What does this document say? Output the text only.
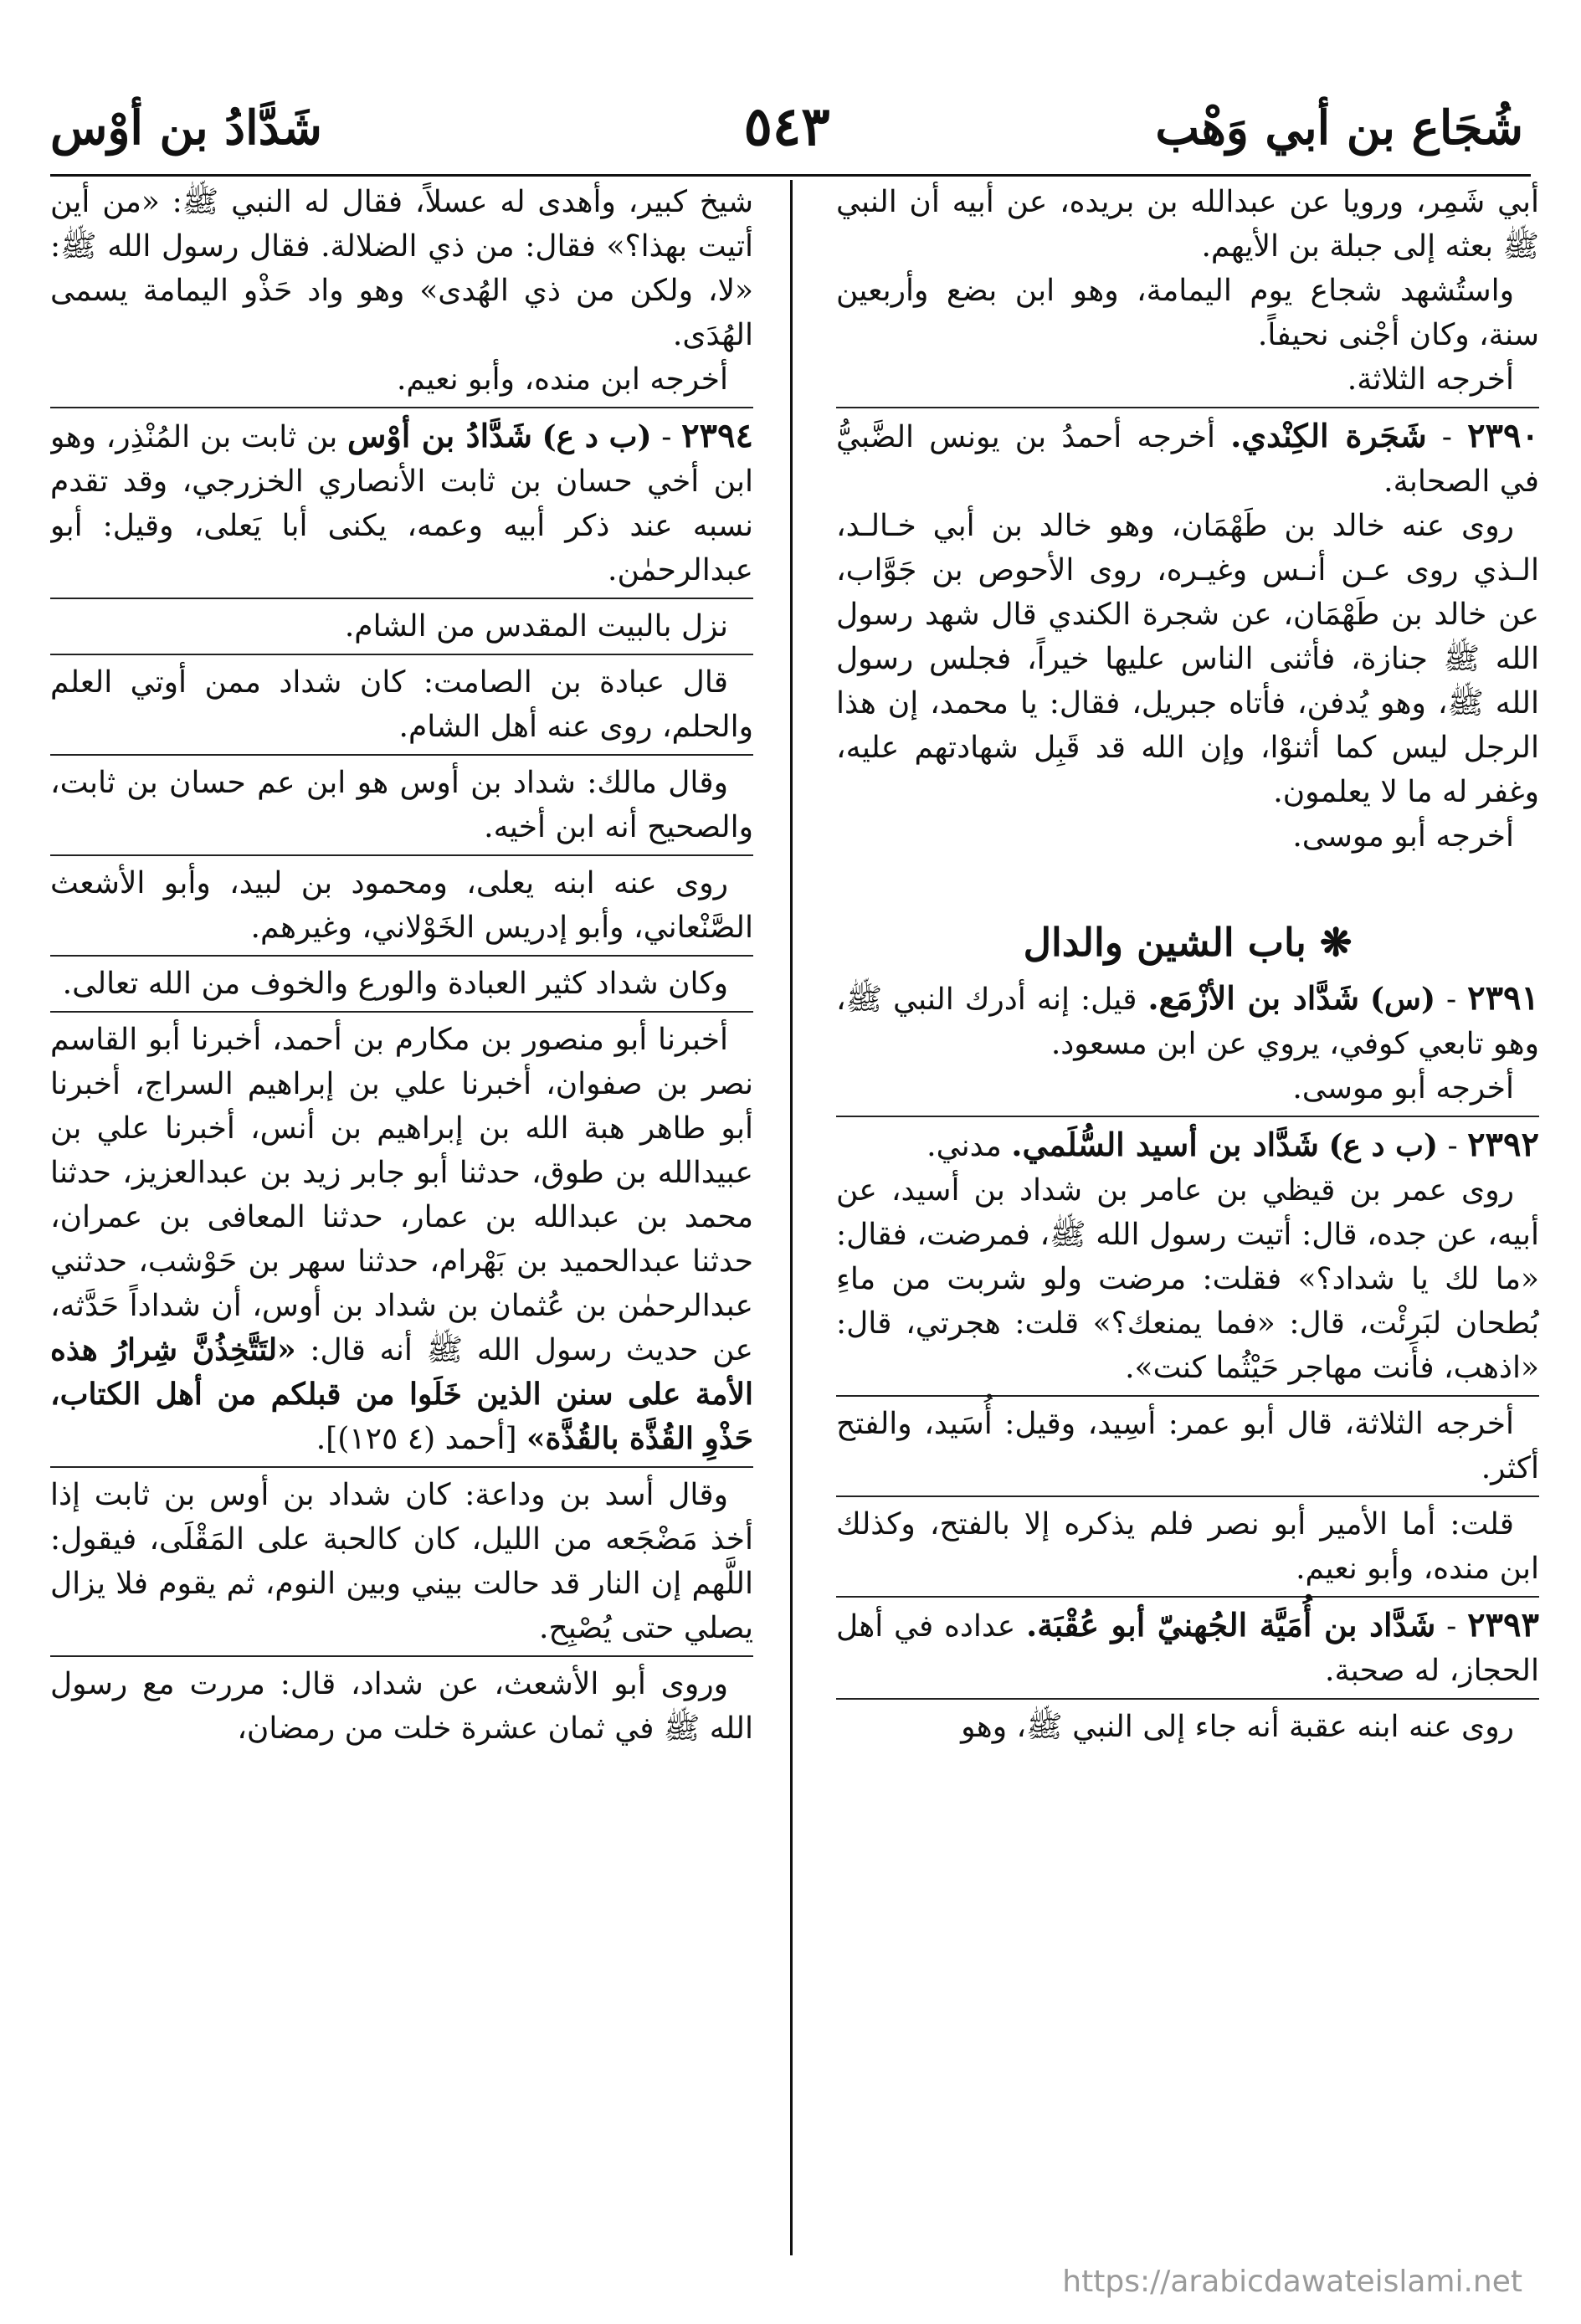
شُجَاع بن أبي وَهْب
٥٤٣
شَدَّادُ بن أوْس

أبي شَمِر، ورويا عن عبدالله بن بريده، عن أبيه أن النبي ﷺ بعثه إلى جبلة بن الأيهم.

واستُشهد شجاع يوم اليمامة، وهو ابن بضع وأربعين سنة، وكان أجْنى نحيفاً.

أخرجه الثلاثة.

٢٣٩٠ - شَجَرة الكِنْدي. أخرجه أحمدُ بن يونس الضَّبيُّ في الصحابة.

روى عنه خالد بن طَهْمَان، وهو خالد بن أبي خـالـد، الـذي روى عـن أنـس وغيـره، روى الأحوص بن جَوَّاب، عن خالد بن طَهْمَان، عن شجرة الكندي قال شهد رسول الله ﷺ جنازة، فأثنى الناس عليها خيراً، فجلس رسول الله ﷺ، وهو يُدفن، فأتاه جبريل، فقال: يا محمد، إن هذا الرجل ليس كما أثنوْا، وإن الله قد قَبِل شهادتهم عليه، وغفر له ما لا يعلمون.

أخرجه أبو موسى.

❋ باب الشين والدال

٢٣٩١ - (س) شَدَّاد بن الأزْمَع. قيل: إنه أدرك النبي ﷺ، وهو تابعي كوفي، يروي عن ابن مسعود.

أخرجه أبو موسى.

٢٣٩٢ - (ب د ع) شَدَّاد بن أسيد السُّلَمي. مدني.

روى عمر بن قيظي بن عامر بن شداد بن أسيد، عن أبيه، عن جده، قال: أتيت رسول الله ﷺ، فمرضت، فقال: «ما لك يا شداد؟» فقلت: مرضت ولو شربت من ماءِ بُطحان لبَرِئْت، قال: «فما يمنعك؟» قلت: هجرتي، قال: «اذهب، فأنت مهاجر حَيْثُما كنت».

أخرجه الثلاثة، قال أبو عمر: أسِيد، وقيل: أُسَيد، والفتح أكثر.

قلت: أما الأمير أبو نصر فلم يذكره إلا بالفتح، وكذلك ابن منده، وأبو نعيم.

٢٣٩٣ - شَدَّاد بن أُمَيَّة الجُهنيّ أبو عُقْبَة. عداده في أهل الحجاز، له صحبة.

روى عنه ابنه عقبة أنه جاء إلى النبي ﷺ، وهو

شيخ كبير، وأهدى له عسلاً، فقال له النبي ﷺ: «من أين أتيت بهذا؟» فقال: من ذي الضلالة. فقال رسول الله ﷺ: «لا، ولكن من ذي الهُدى» وهو واد حَذْو اليمامة يسمى الهُدَى.

أخرجه ابن منده، وأبو نعيم.

٢٣٩٤ - (ب د ع) شَدَّادُ بن أوْس بن ثابت بن المُنْذِر، وهو ابن أخي حسان بن ثابت الأنصاري الخزرجي، وقد تقدم نسبه عند ذكر أبيه وعمه، يكنى أبا يَعلى، وقيل: أبو عبدالرحمٰن.

نزل بالبيت المقدس من الشام.

قال عبادة بن الصامت: كان شداد ممن أوتي العلم والحلم، روى عنه أهل الشام.

وقال مالك: شداد بن أوس هو ابن عم حسان بن ثابت، والصحيح أنه ابن أخيه.

روى عنه ابنه يعلى، ومحمود بن لبيد، وأبو الأشعث الصَّنْعاني، وأبو إدريس الخَوْلاني، وغيرهم.

وكان شداد كثير العبادة والورع والخوف من الله تعالى.

أخبرنا أبو منصور بن مكارم بن أحمد، أخبرنا أبو القاسم نصر بن صفوان، أخبرنا علي بن إبراهيم السراج، أخبرنا أبو طاهر هبة الله بن إبراهيم بن أنس، أخبرنا علي بن عبيدالله بن طوق، حدثنا أبو جابر زيد بن عبدالعزيز، حدثنا محمد بن عبدالله بن عمار، حدثنا المعافى بن عمران، حدثنا عبدالحميد بن بَهْرام، حدثنا سهر بن حَوْشب، حدثني عبدالرحمٰن بن عُثمان بن شداد بن أوس، أن شداداً حَدَّثه، عن حديث رسول الله ﷺ أنه قال: «لتَتَّخِذُنَّ شِرارُ هذه الأمة على سنن الذين خَلَوا من قبلكم من أهل الكتاب، حَذْوِ القُذَّة بالقُذَّة» [أحمد (٤ ١٢٥)].

وقال أسد بن وداعة: كان شداد بن أوس بن ثابت إذا أخذ مَضْجَعه من الليل، كان كالحبة على المَقْلَى، فيقول: اللَّهم إن النار قد حالت بيني وبين النوم، ثم يقوم فلا يزال يصلي حتى يُصْبِح.

وروى أبو الأشعث، عن شداد، قال: مررت مع رسول الله ﷺ في ثمان عشرة خلت من رمضان،

https://arabicdawateislami.net
